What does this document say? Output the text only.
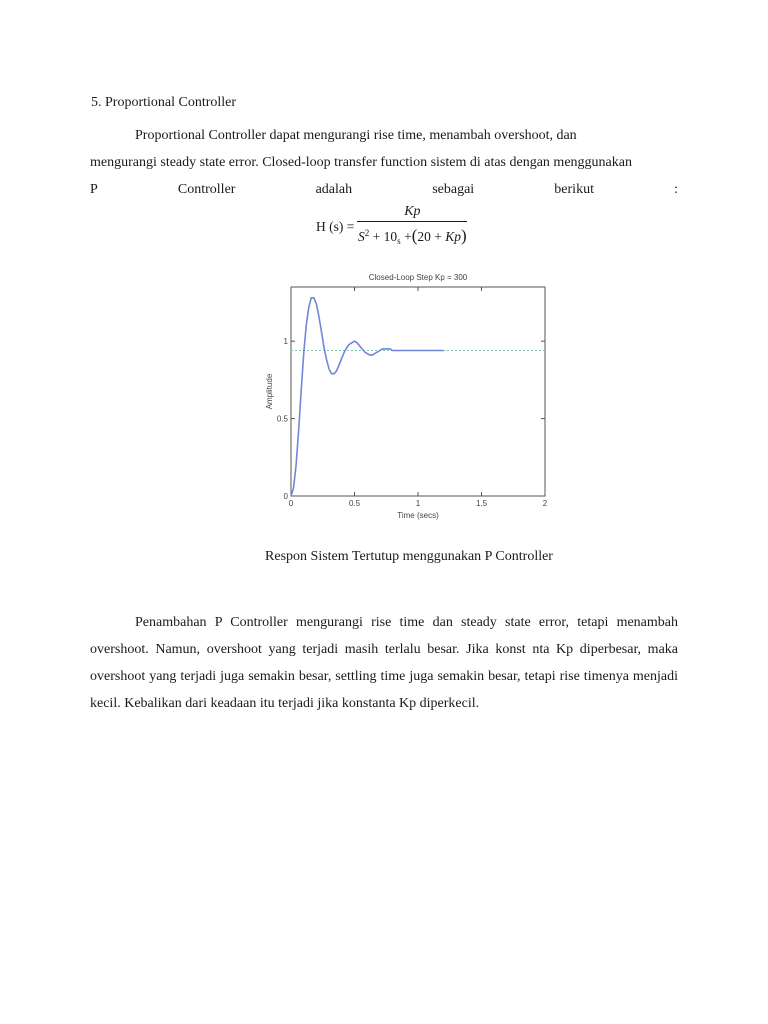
5. Proportional Controller
Proportional Controller dapat mengurangi rise time, menambah overshoot, dan
mengurangi steady state error. Closed-loop transfer function sistem di atas dengan menggunakan
P	Controller	adalah	sebagai	berikut	:
H $(s) = \frac{Kp}{S^2 + 10_s +(20 + Kp)}$
0	0.5	1	1.5	2
0
0.5
1
Closed-Loop Step Kp = 300
Time (secs)
Amplitude
Respon Sistem Tertutup menggunakan P Controller
Penambahan P Controller mengurangi rise time dan steady state error, tetapi menambah overshoot. Namun, overshoot yang terjadi masih terlalu besar. Jika konst nta Kp diperbesar, maka overshoot yang terjadi juga semakin besar, settling time juga semakin besar, tetapi rise timenya menjadi kecil. Kebalikan dari keadaan itu terjadi jika konstanta Kp diperkecil.
